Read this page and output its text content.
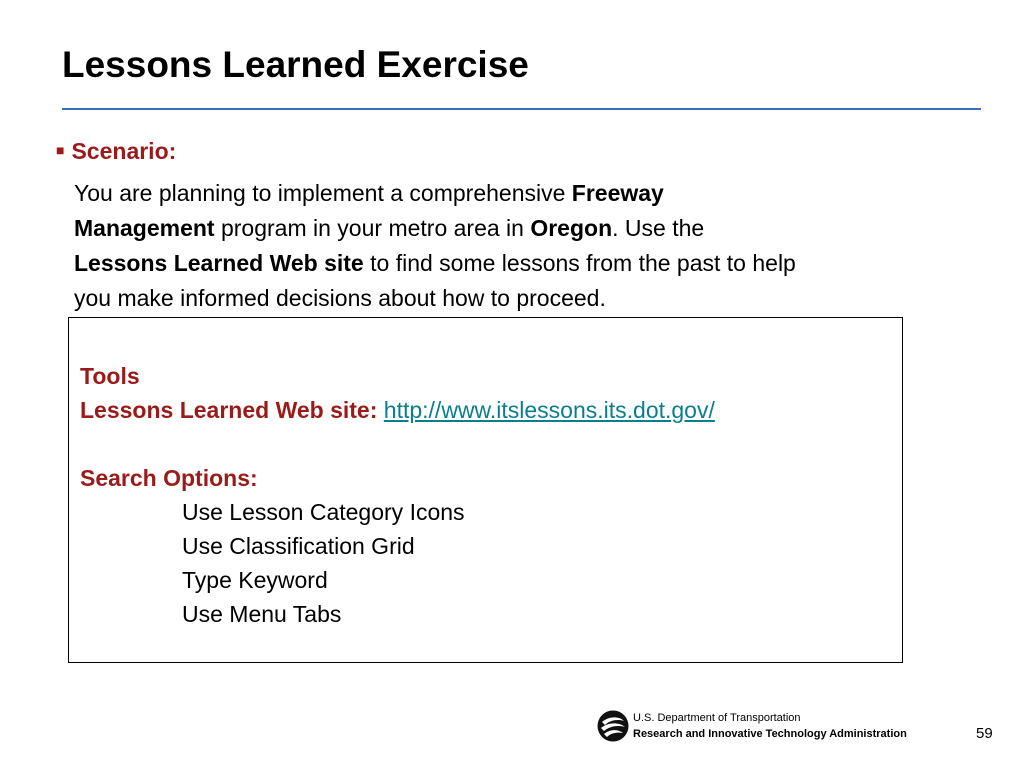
Lessons Learned Exercise
■ Scenario:
You are planning to implement a comprehensive Freeway
Management program in your metro area in Oregon. Use the
Lessons Learned Web site to find some lessons from the past to help
you make informed decisions about how to proceed.
Tools
Lessons Learned Web site: http://www.itslessons.its.dot.gov/
Search Options:
Use Lesson Category Icons
Use Classification Grid
Type Keyword
Use Menu Tabs
U.S. Department of Transportation
Research and Innovative Technology Administration	59
